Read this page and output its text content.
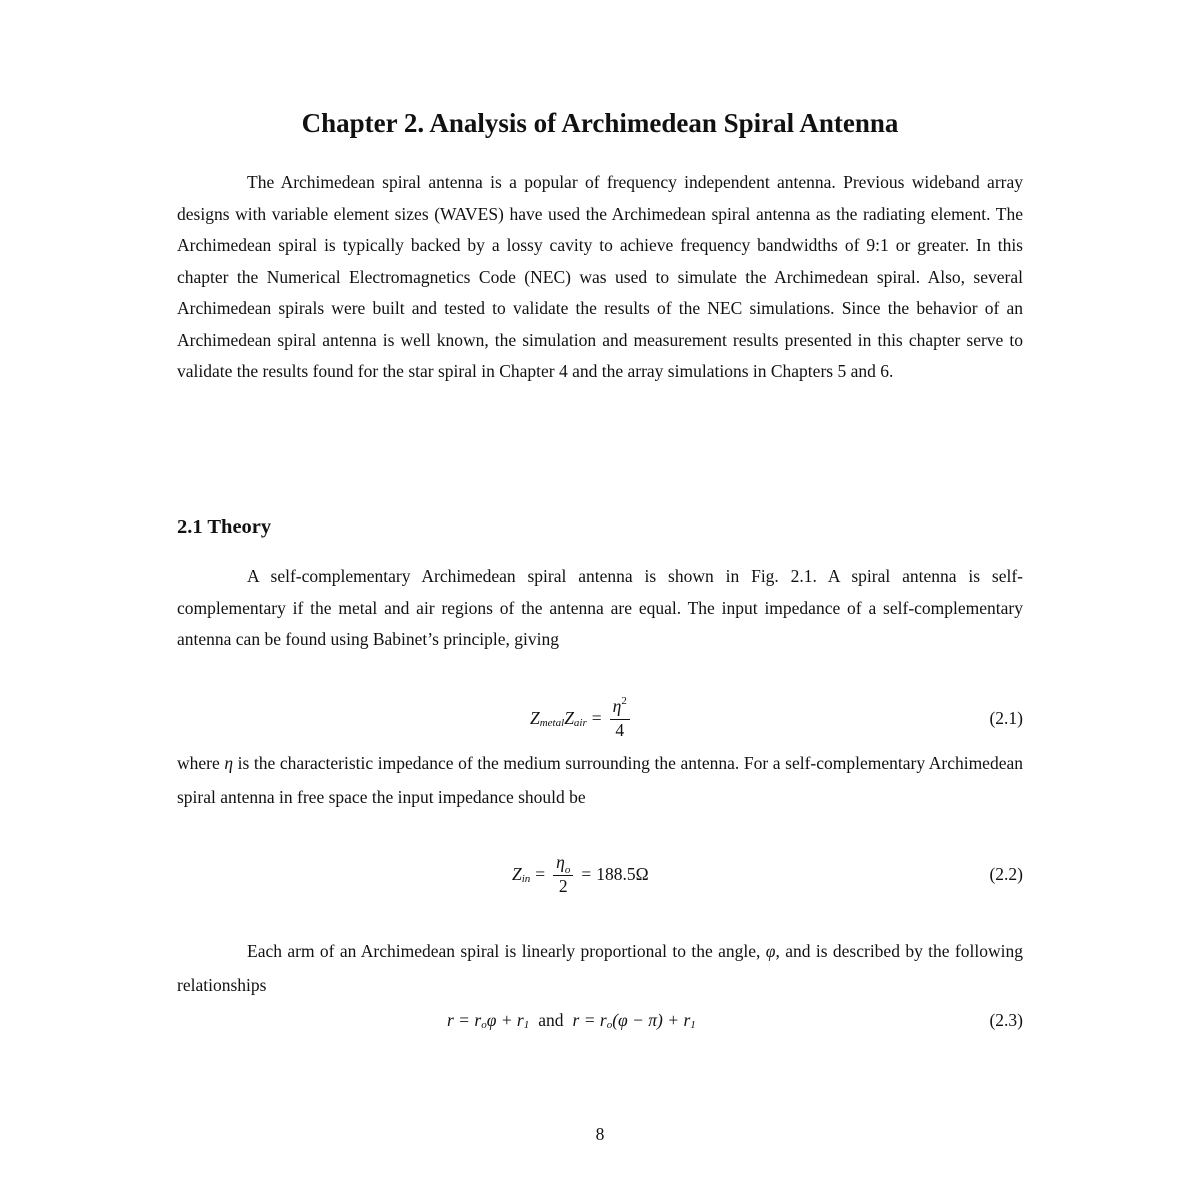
Chapter 2. Analysis of Archimedean Spiral Antenna

The Archimedean spiral antenna is a popular of frequency independent antenna. Previous wideband array designs with variable element sizes (WAVES) have used the Archimedean spiral antenna as the radiating element. The Archimedean spiral is typically backed by a lossy cavity to achieve frequency bandwidths of 9:1 or greater. In this chapter the Numerical Electromagnetics Code (NEC) was used to simulate the Archimedean spiral. Also, several Archimedean spirals were built and tested to validate the results of the NEC simulations. Since the behavior of an Archimedean spiral antenna is well known, the simulation and measurement results presented in this chapter serve to validate the results found for the star spiral in Chapter 4 and the array simulations in Chapters 5 and 6.

2.1 Theory

A self-complementary Archimedean spiral antenna is shown in Fig. 2.1. A spiral antenna is self-complementary if the metal and air regions of the antenna are equal. The input impedance of a self-complementary antenna can be found using Babinet’s principle, giving

Z metal Z air = $\frac{\eta^2}{4}$	(2.1)

where η is the characteristic impedance of the medium surrounding the antenna. For a self-complementary Archimedean spiral antenna in free space the input impedance should be

Z in = $\frac{\eta_o}{2} = 188.5\Omega$	(2.2)

Each arm of an Archimedean spiral is linearly proportional to the angle, φ, and is described by the following relationships

r = r o φ + r 1 and r = r o (φ − π) + r 1	(2.3)
8
